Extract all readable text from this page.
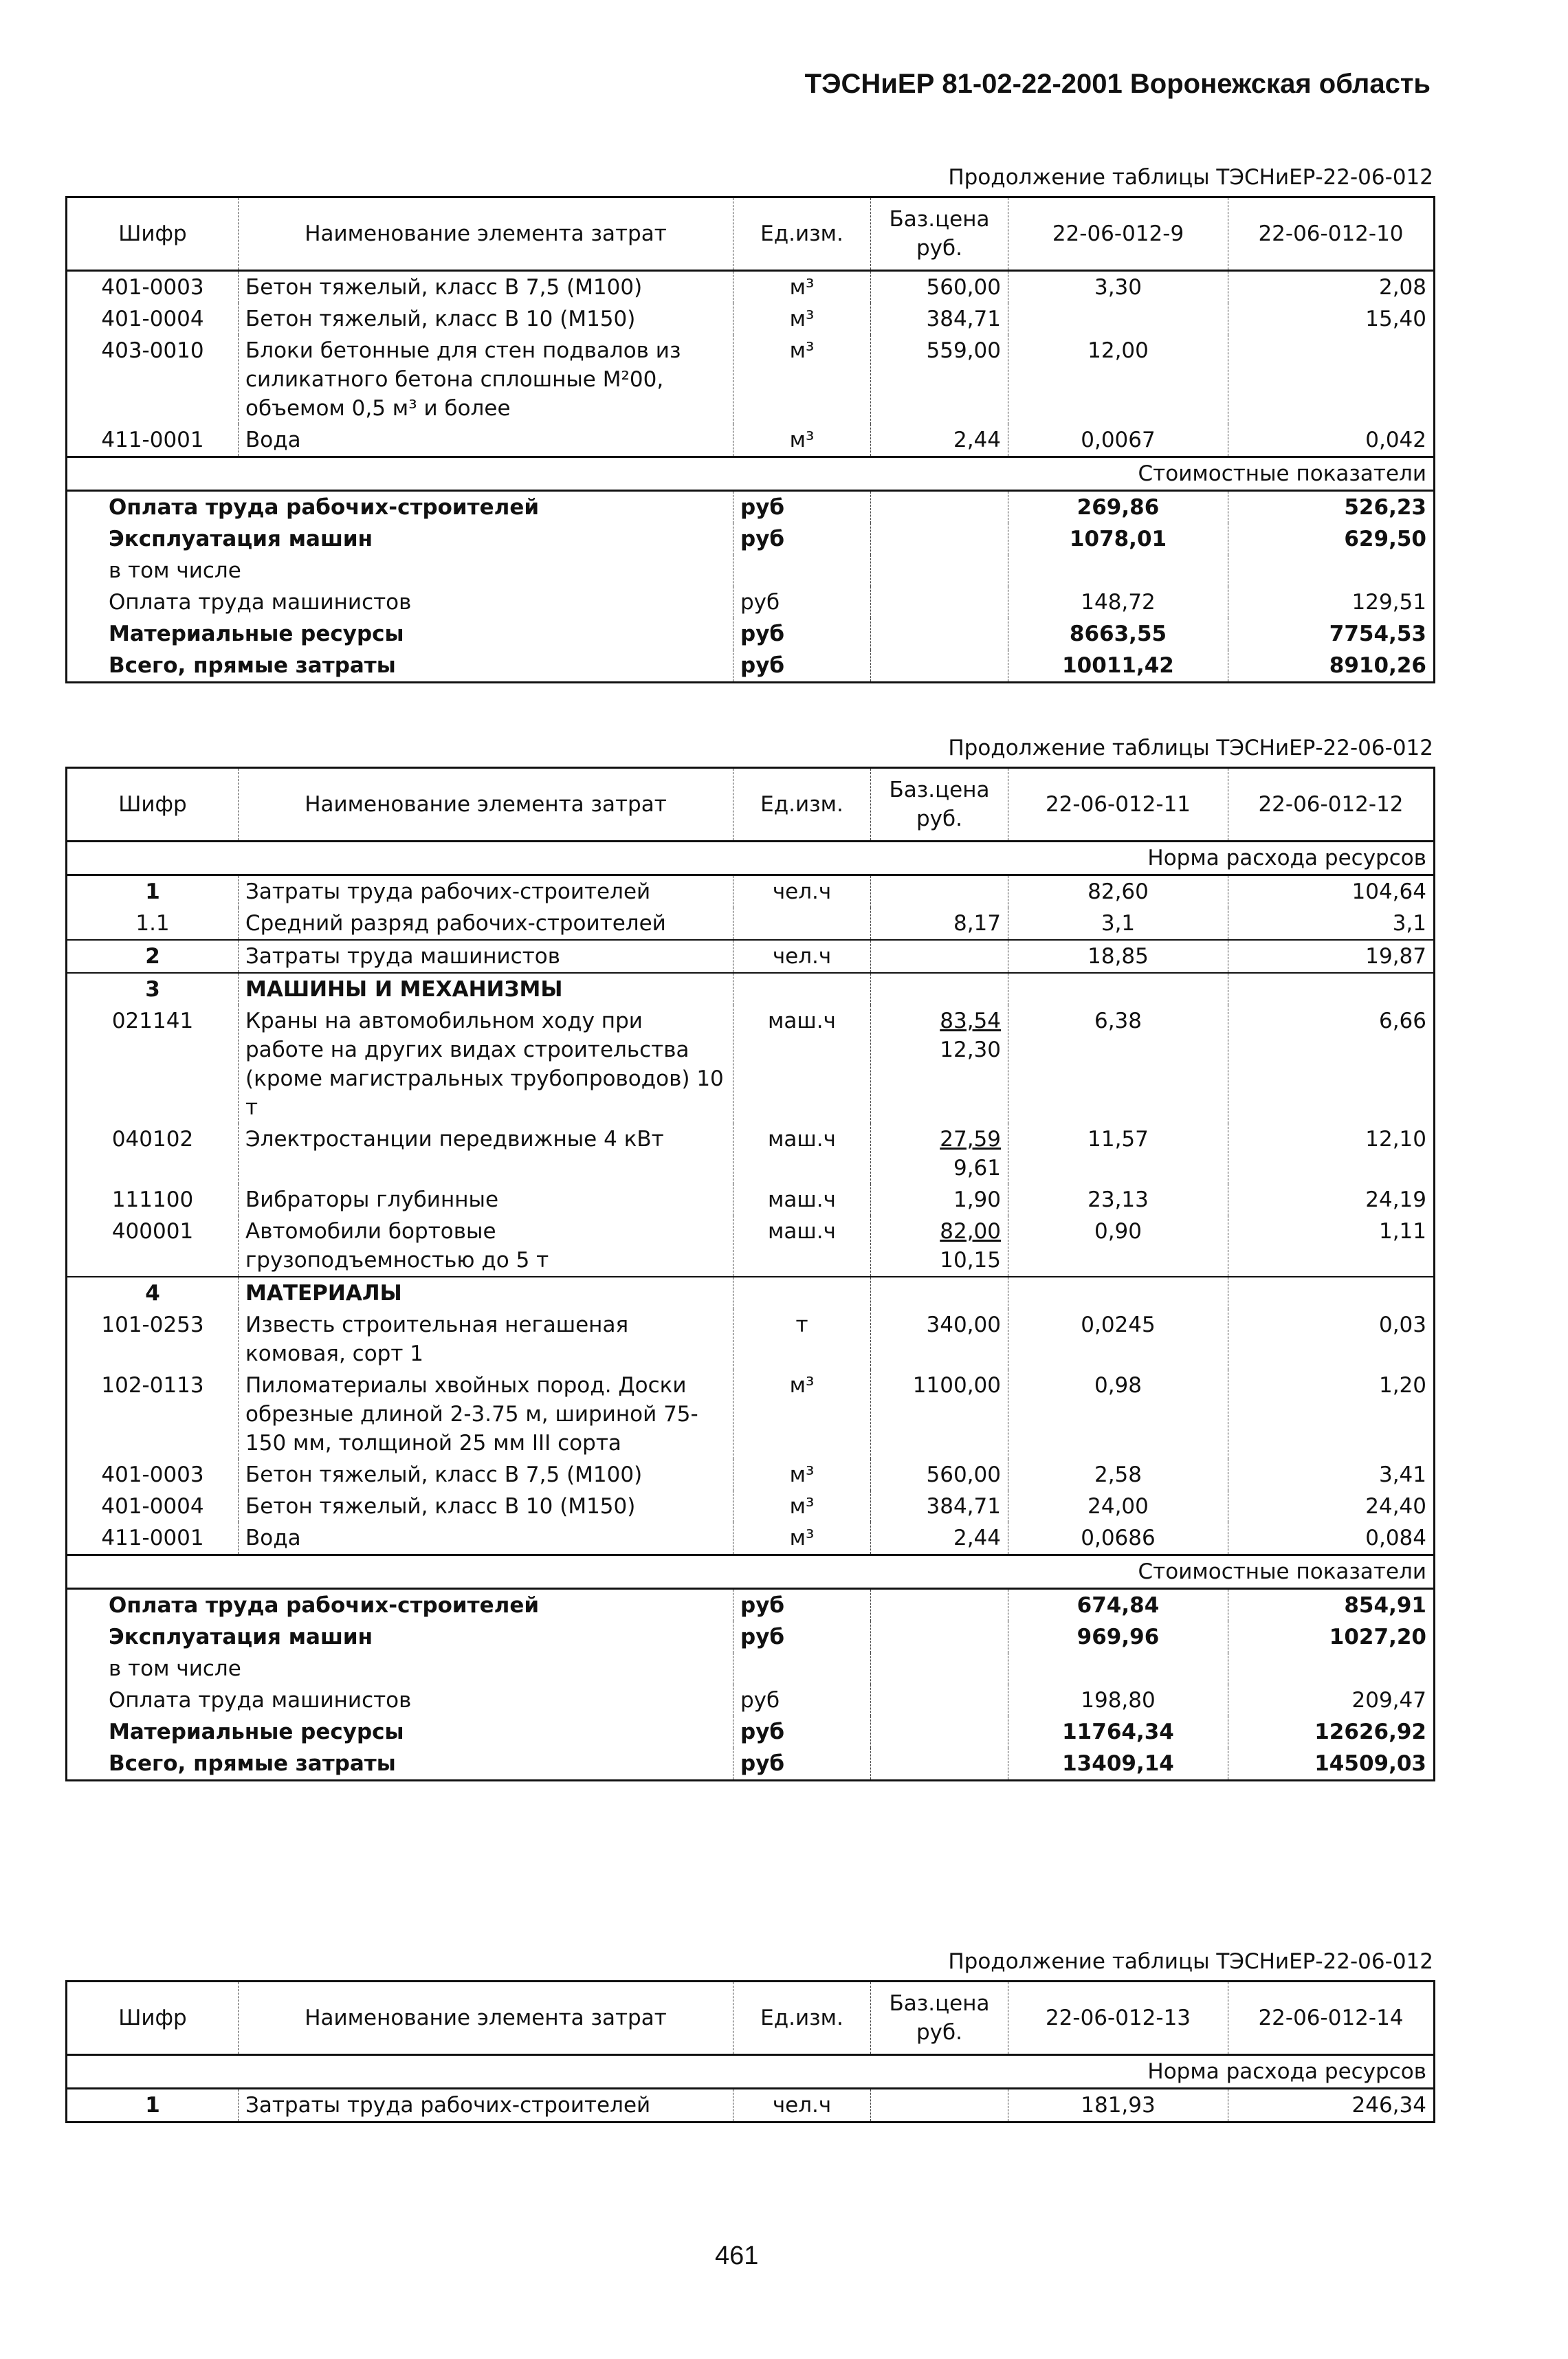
ТЭСНиЕР 81-02-22-2001 Воронежская область
Продолжение таблицы ТЭСНиЕР-22-06-012
Шифр	Наименование элемента затрат	Ед.изм.	Баз.цена руб.	22-06-012-9	22-06-012-10
401-0003	Бетон тяжелый, класс В 7,5 (М100)	м³	560,00	3,30	2,08
401-0004	Бетон тяжелый, класс В 10 (М150)	м³	384,71		15,40
403-0010	Блоки бетонные для стен подвалов из силикатного бетона сплошные М²00, объемом 0,5 м³ и более	м³	559,00	12,00	
411-0001	Вода	м³	2,44	0,0067	0,042
Стоимостные показатели					
Оплата труда рабочих-строителей		руб		269,86	526,23
Эксплуатация машин		руб		1078,01	629,50
в том числе					
Оплата труда машинистов		руб		148,72	129,51
Материальные ресурсы		руб		8663,55	7754,53
Всего, прямые затраты		руб		10011,42	8910,26
Продолжение таблицы ТЭСНиЕР-22-06-012
Шифр	Наименование элемента затрат	Ед.изм.	Баз.цена руб.	22-06-012-11	22-06-012-12
Норма расхода ресурсов					
1	Затраты труда рабочих-строителей	чел.ч		82,60	104,64
1.1	Средний разряд рабочих-строителей		8,17	3,1	3,1
2	Затраты труда машинистов	чел.ч		18,85	19,87
3	МАШИНЫ И МЕХАНИЗМЫ				
021141	Краны на автомобильном ходу при работе на других видах строительства (кроме магистральных трубопроводов) 10 т	маш.ч	$\frac{83,54}{12,30}$	6,38	6,66
040102	Электростанции передвижные 4 кВт	маш.ч	$\frac{27,59}{9,61}$	11,57	12,10
111100	Вибраторы глубинные	маш.ч	1,90	23,13	24,19
400001	Автомобили бортовые грузоподъемностью до 5 т	маш.ч	$\frac{82,00}{10,15}$	0,90	1,11
4	МАТЕРИАЛЫ				
101-0253	Известь строительная негашеная комовая, сорт 1	т	340,00	0,0245	0,03
102-0113	Пиломатериалы хвойных пород. Доски обрезные длиной 2-3.75 м, шириной 75-150 мм, толщиной 25 мм III сорта	м³	1100,00	0,98	1,20
401-0003	Бетон тяжелый, класс В 7,5 (М100)	м³	560,00	2,58	3,41
401-0004	Бетон тяжелый, класс В 10 (М150)	м³	384,71	24,00	24,40
411-0001	Вода	м³	2,44	0,0686	0,084
Стоимостные показатели					
Оплата труда рабочих-строителей		руб		674,84	854,91
Эксплуатация машин		руб		969,96	1027,20
в том числе					
Оплата труда машинистов		руб		198,80	209,47
Материальные ресурсы		руб		11764,34	12626,92
Всего, прямые затраты		руб		13409,14	14509,03
Продолжение таблицы ТЭСНиЕР-22-06-012
Шифр	Наименование элемента затрат	Ед.изм.	Баз.цена руб.	22-06-012-13	22-06-012-14
Норма расхода ресурсов					
1	Затраты труда рабочих-строителей	чел.ч		181,93	246,34
461
